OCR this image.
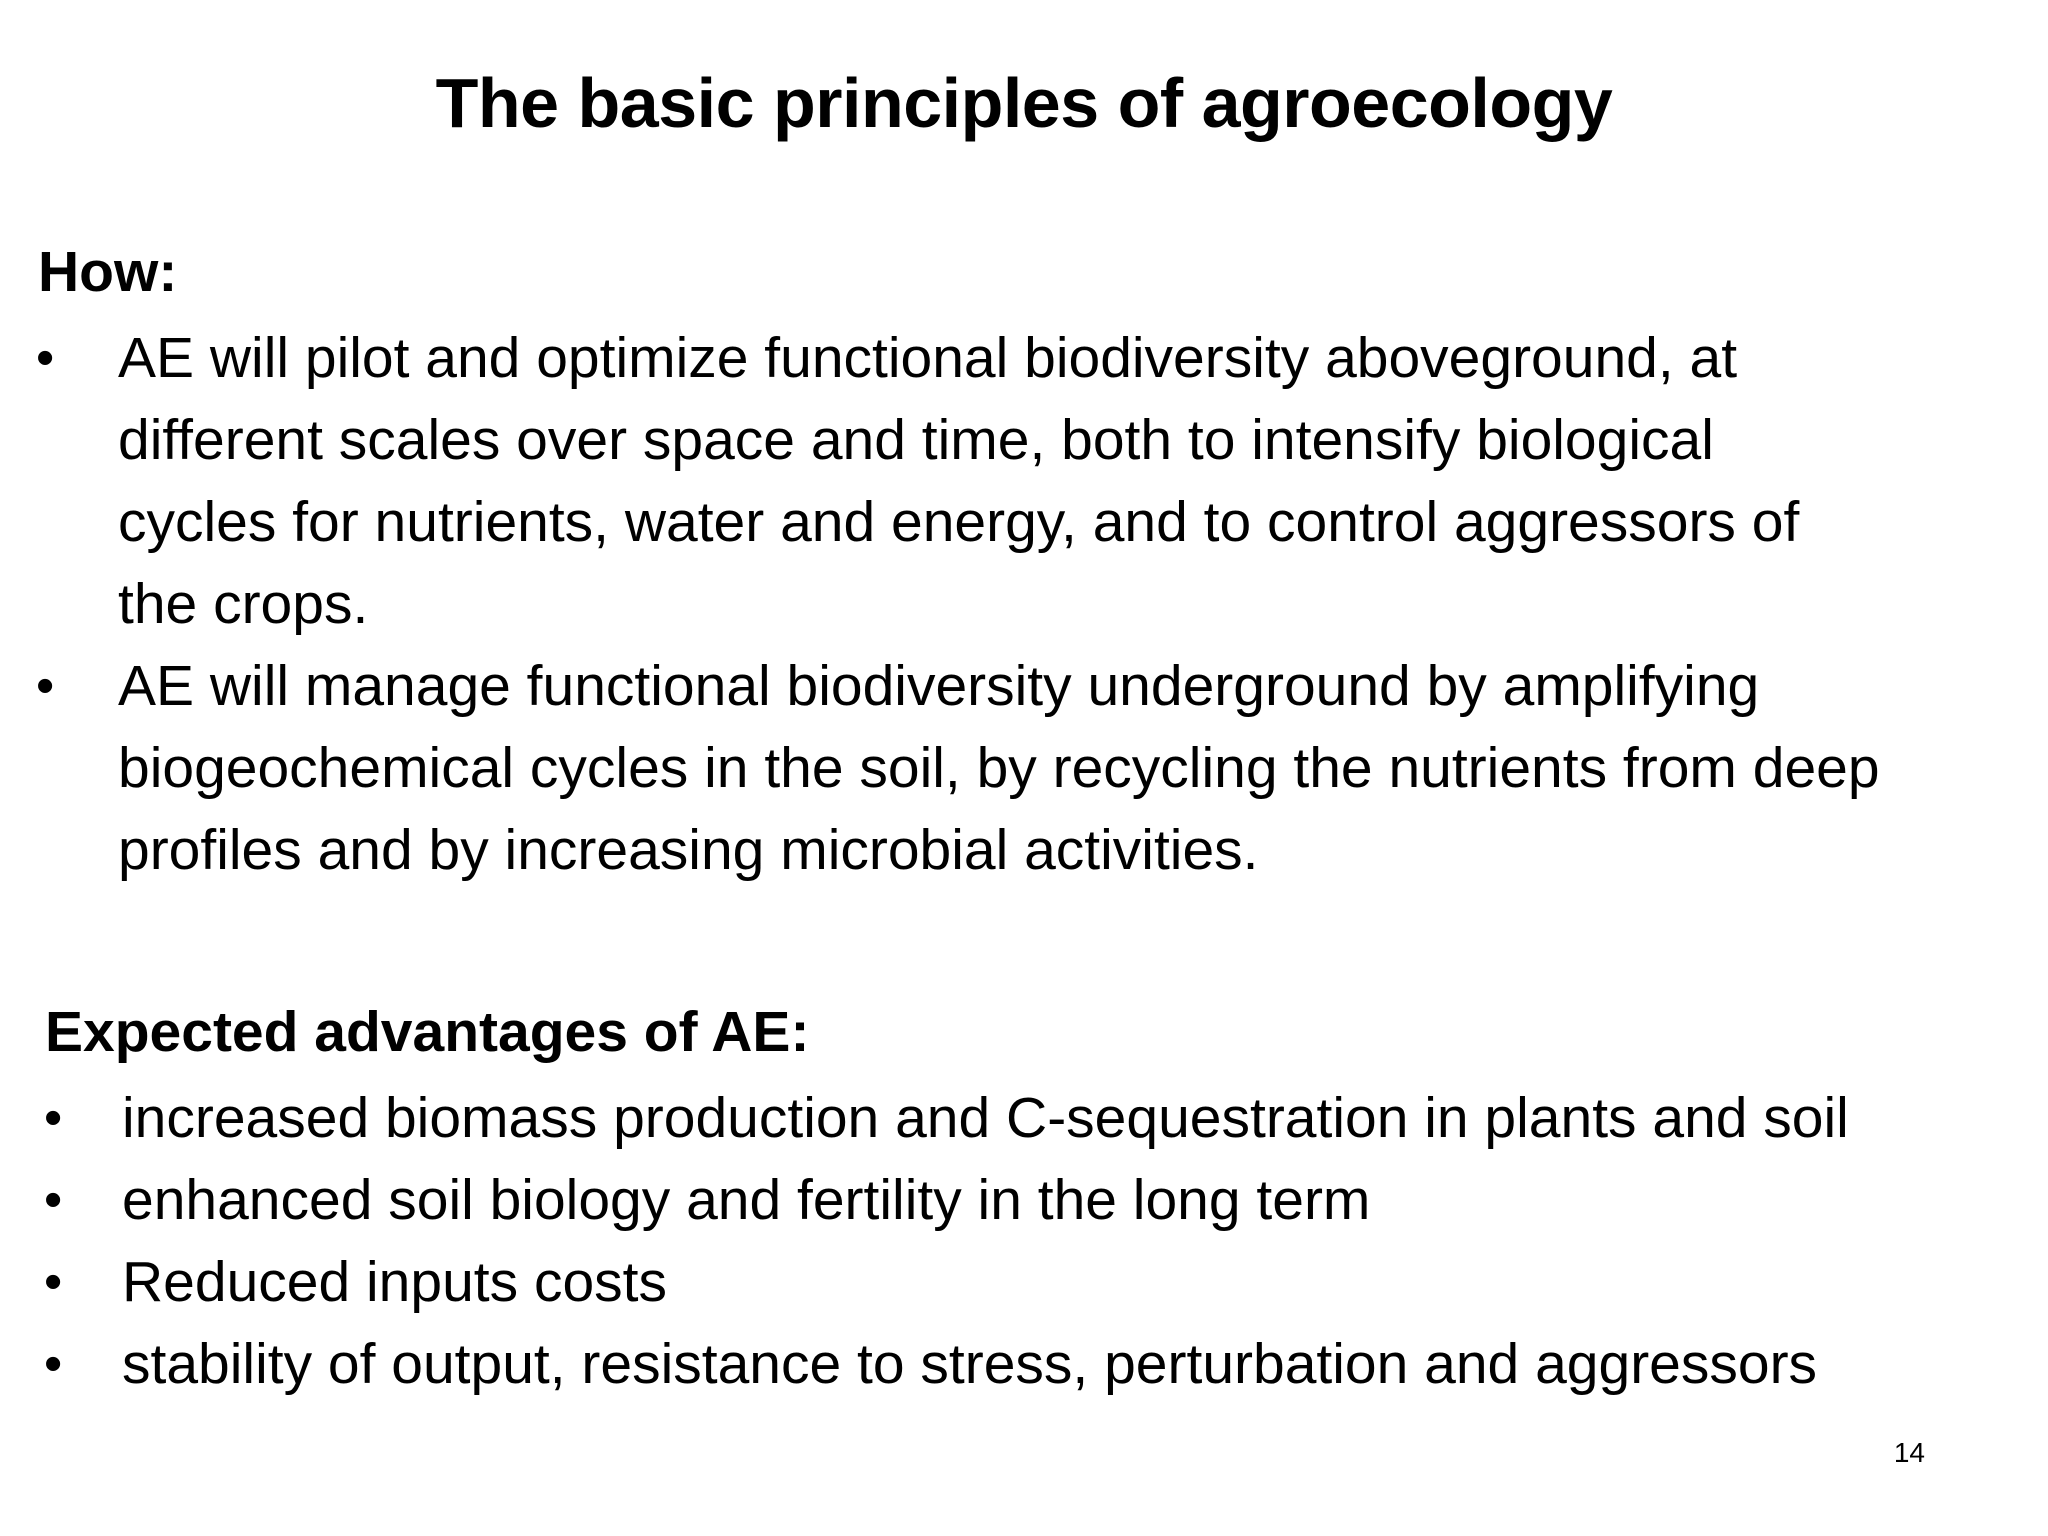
The basic principles of agroecology
How:
• AE will pilot and optimize functional biodiversity aboveground, at
different scales over space and time, both to intensify biological
cycles for nutrients, water and energy, and to control aggressors of
the crops.
• AE will manage functional biodiversity underground by amplifying
biogeochemical cycles in the soil, by recycling the nutrients from deep
profiles and by increasing microbial activities.
Expected advantages of AE:
• increased biomass production and C-sequestration in plants and soil
• enhanced soil biology and fertility in the long term
• Reduced inputs costs
• stability of output, resistance to stress, perturbation and aggressors
14
